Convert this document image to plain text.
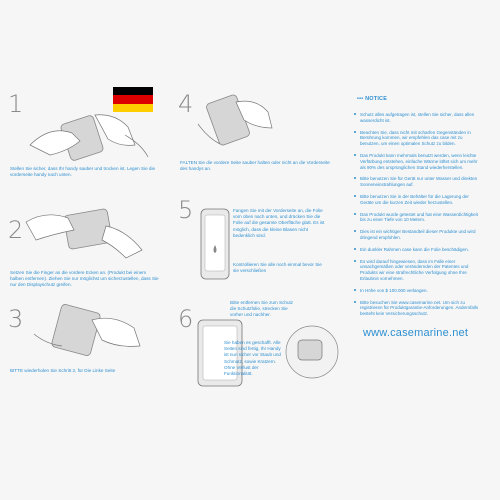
1
2
3
4
5
6
Stellen Sie sicher, dass Ihr handy sauber und trocken ist. Legen Sie die vorderseite handy nach unten.
Setzen Sie die Finger an die vordere Ecken an. (Produkt bei einem halben entfernen). Ziehen Sie nur möglichst um sicherzustellen, dass Sie nur den Displayschutz greifen.
BITTE wiederholen Sie Schritt 2, für Die Linke Seite
FALTEN Sie die vordere Seite sauber halten oder nicht an die Vorderseite des handys an.
Fangen Sie mit der Vorderseite an, die Folie vom oben nach unten, und drücken Sie die Folie auf die gesamte Oberfläche glatt. Es ist möglich, dass die kleine Blasen nicht bedenklich sind.
Kontrollieren Sie alle noch einmal bevor Sie sie verschließen
Bitte entfernen Sie zum Schutz die Schutzfolie, strecken Sie vorher und nachher.
Sie haben es geschafft. Alle Seiten sind fertig, Ihr Handy ist nun sicher vor Staub und Schmutz, sowie Kratzern. Ohne Verlust der Funktionalität.
••• NOTICE
Schutz alles aufgetragen ist, stellen Sie sicher, dass alles wasserdicht ist.
Beachten Sie, dass nicht mit scharfen Gegenständen in Berührung kommen, wir empfehlen das case mit zu benutzen, um einen optimalen Schutz zu bilden.
Das Produkt kann mehrmals benutzt werden, wenn leichte Verfärbung entstehen, einfache Wärme lüftet sich um mehr als 90% des ursprünglichen Stand wiederherstellen.
Bitte benutzen Sie für Gerät nur unter Wasser und direkten Sonneneinstrahlungen auf.
Bitte benutzen Sie in der Behälter für die Lagerung der Geräte um die kurzen Zeit wieder herzustellen.
Das Produkt wurde getestet und hat eine Wasserdichtigkeit bis zu einer Tiefe von 10 Metern.
Dies ist ein wichtiger Bestandteil dieser Produkte und wird dringend empfohlen.
Ein dunkler Rahmen case kann die Folie beschädigen.
Es wird darauf hingewiesen, dass im Falle einer unsachgemäßen oder verändernden der Patentes und Produkts wir eine strafrechtliche Verfolgung ohne Ihre Erlaubnis vornehmen.
In Höhe von $ 100.000 verlangen.
Bitte besuchen Sie www.casemarine.net. Um sich zu registrieren für Produktgarantie-Anforderungen. Andernfalls besteht kein Versicherungsschutz.
www.casemarine.net
